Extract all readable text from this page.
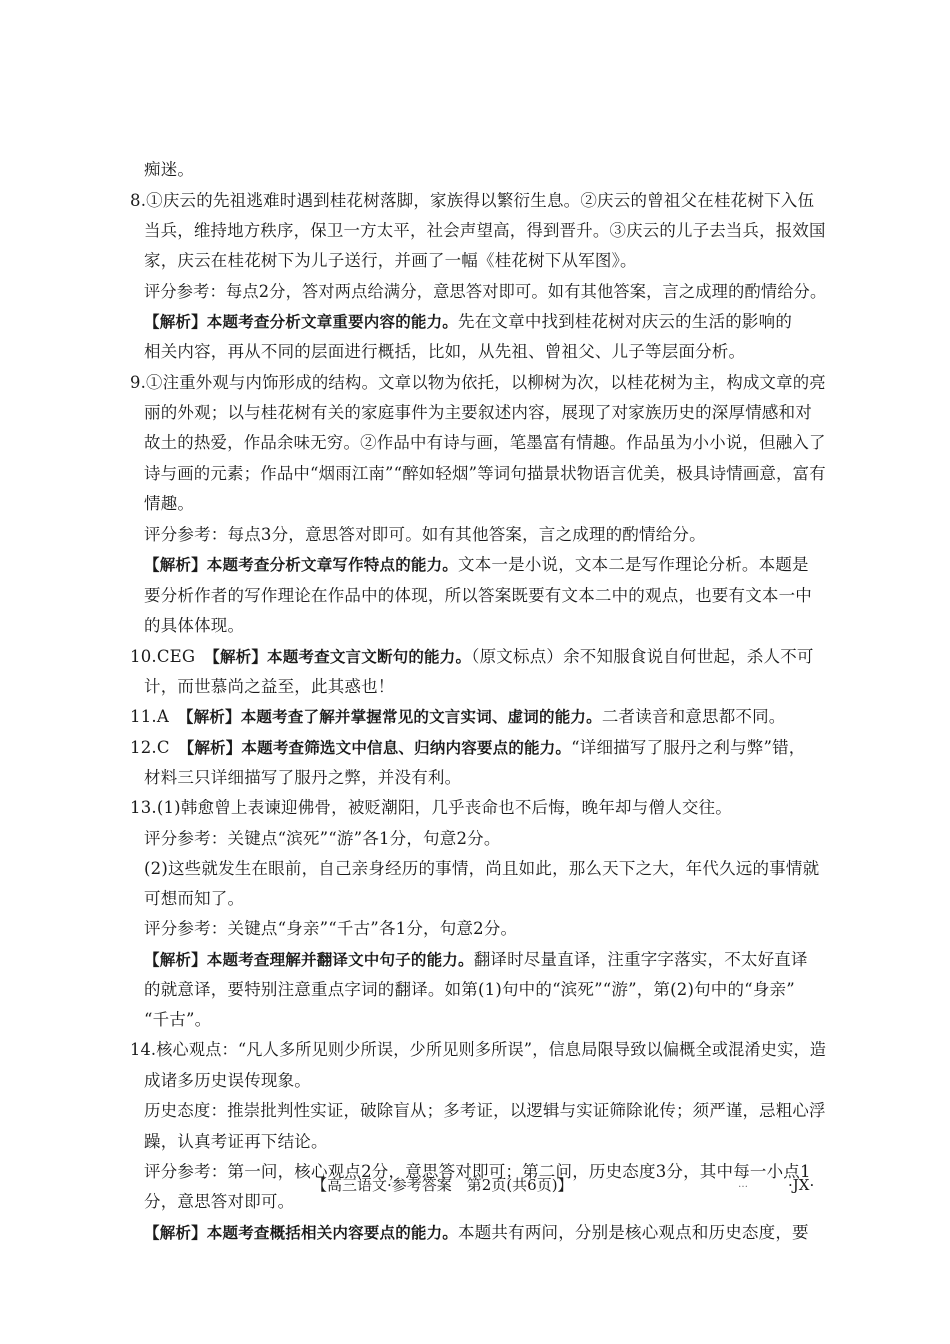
痴迷。
8.①庆云的先祖逃难时遇到桂花树落脚，家族得以繁衍生息。②庆云的曾祖父在桂花树下入伍
当兵，维持地方秩序，保卫一方太平，社会声望高，得到晋升。③庆云的儿子去当兵，报效国
家，庆云在桂花树下为儿子送行，并画了一幅《桂花树下从军图》。
评分参考：每点2分，答对两点给满分，意思答对即可。如有其他答案，言之成理的酌情给分。
【解析】本题考查分析文章重要内容的能力。先在文章中找到桂花树对庆云的生活的影响的
相关内容，再从不同的层面进行概括，比如，从先祖、曾祖父、儿子等层面分析。
9.①注重外观与内饰形成的结构。文章以物为依托，以柳树为次，以桂花树为主，构成文章的亮
丽的外观；以与桂花树有关的家庭事件为主要叙述内容，展现了对家族历史的深厚情感和对
故土的热爱，作品余味无穷。②作品中有诗与画，笔墨富有情趣。作品虽为小小说，但融入了
诗与画的元素；作品中“烟雨江南”“醉如轻烟”等词句描景状物语言优美，极具诗情画意，富有
情趣。
评分参考：每点3分，意思答对即可。如有其他答案，言之成理的酌情给分。
【解析】本题考查分析文章写作特点的能力。文本一是小说，文本二是写作理论分析。本题是
要分析作者的写作理论在作品中的体现，所以答案既要有文本二中的观点，也要有文本一中
的具体体现。
10.CEG　【解析】本题考查文言文断句的能力。（原文标点）余不知服食说自何世起，杀人不可
计，而世慕尚之益至，此其惑也！
11.A　【解析】本题考查了解并掌握常见的文言实词、虚词的能力。二者读音和意思都不同。
12.C　【解析】本题考查筛选文中信息、归纳内容要点的能力。“详细描写了服丹之利与弊”错，
材料三只详细描写了服丹之弊，并没有利。
13.(1)韩愈曾上表谏迎佛骨，被贬潮阳，几乎丧命也不后悔，晚年却与僧人交往。
评分参考：关键点“滨死”“游”各1分，句意2分。
(2)这些就发生在眼前，自己亲身经历的事情，尚且如此，那么天下之大，年代久远的事情就
可想而知了。
评分参考：关键点“身亲”“千古”各1分，句意2分。
【解析】本题考查理解并翻译文中句子的能力。翻译时尽量直译，注重字字落实，不太好直译
的就意译，要特别注意重点字词的翻译。如第(1)句中的“滨死”“游”，第(2)句中的“身亲”
“千古”。
14.核心观点：“凡人多所见则少所误，少所见则多所误”，信息局限导致以偏概全或混淆史实，造
成诸多历史误传现象。
历史态度：推崇批判性实证，破除盲从；多考证，以逻辑与实证筛除讹传；须严谨，忌粗心浮
躁，认真考证再下结论。
评分参考：第一问，核心观点2分，意思答对即可；第二问，历史态度3分，其中每一小点1
分，意思答对即可。
【解析】本题考查概括相关内容要点的能力。本题共有两问，分别是核心观点和历史态度，要
【高三语文·参考答案　第2页(共6页)】	…	·JX·
